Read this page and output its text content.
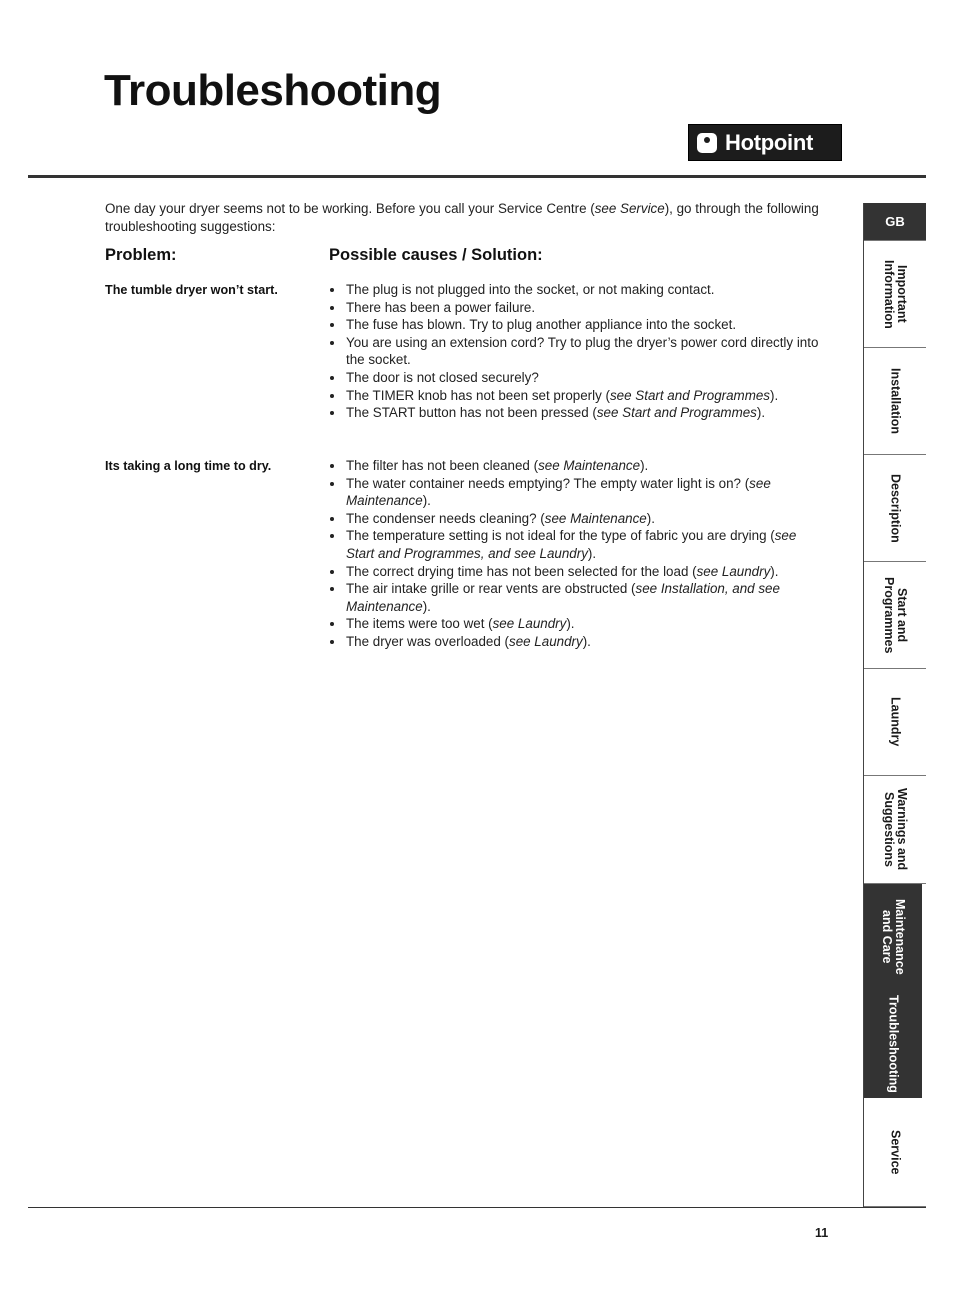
Troubleshooting
Hotpoint

One day your dryer seems not to be working. Before you call your Service Centre (see Service), go through the following troubleshooting suggestions:

Problem:	Possible causes / Solution:

The tumble dryer won’t start.	The plug is not plugged into the socket, or not making contact.
There has been a power failure.
The fuse has blown. Try to plug another appliance into the socket.
You are using an extension cord? Try to plug the dryer’s power cord directly into the socket.
The door is not closed securely?
The TIMER knob has not been set properly (see Start and Programmes).
The START button has not been pressed (see Start and Programmes).

Its taking a long time to dry.	The filter has not been cleaned (see Maintenance).
The water container needs emptying? The empty water light is on? (see Maintenance).
The condenser needs cleaning? (see Maintenance).
The temperature setting is not ideal for the type of fabric you are drying (see Start and Programmes, and see Laundry).
The correct drying time has not been selected for the load (see Laundry).
The air intake grille or rear vents are obstructed (see Installation, and see Maintenance).
The items were too wet (see Laundry).
The dryer was overloaded (see Laundry).
GB
Important
Information
Installation
Description
Start and
Programmes
Laundry
Warnings and
Suggestions
Maintenance
and Care
Troubleshooting
Service

11
